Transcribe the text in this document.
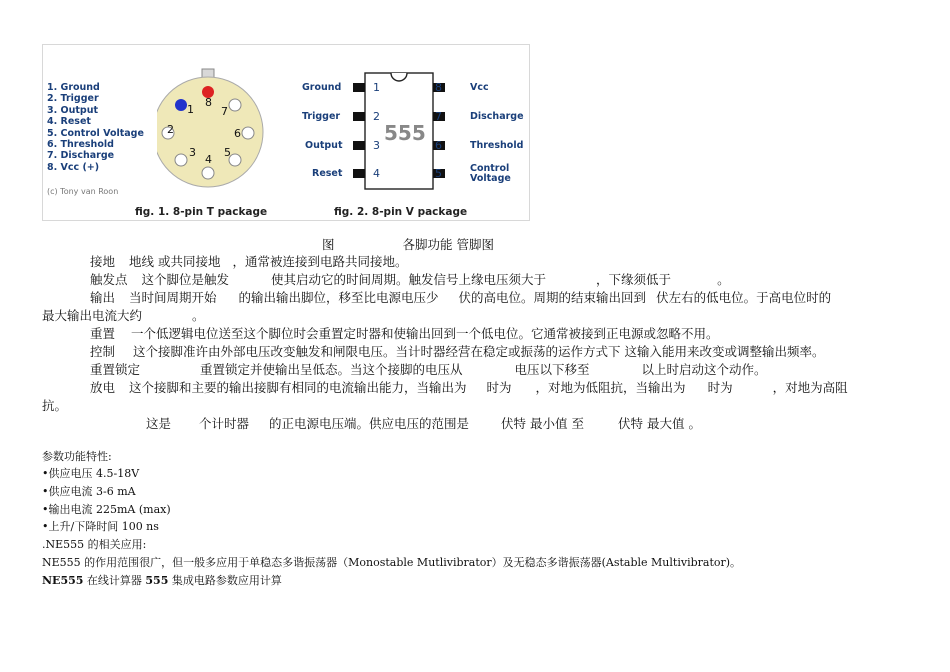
1. Ground
2. Trigger
3. Output
4. Reset
5. Control Voltage
6. Threshold
7. Discharge
8. Vcc (+)
(c) Tony van Roon
1
2
3
4
5
6
7
8
555
Ground
Trigger
Output
Reset
1
2
3
4
8
7
6
5
Vcc
Discharge
Threshold
Control
Voltage
fig. 1. 8-pin T package	fig. 2. 8-pin V package
图	各脚功能 管脚图
接地 地线 或共同接地 ，通常被连接到电路共同接地。
触发点 这个脚位是触发	使其启动它的时间周期。触发信号上缘电压须大于	，下缘须低于	。
输出 当时间周期开始 的输出输出脚位，移至比电源电压少 伏的高电位。周期的结束输出回到 伏左右的低电位。于高电位时的
最大输出电流大约	。
重置 一个低逻辑电位送至这个脚位时会重置定时器和使输出回到一个低电位。它通常被接到正电源或忽略不用。
控制 这个接脚准许由外部电压改变触发和闸限电压。当计时器经营在稳定或振荡的运作方式下 这输入能用来改变或调整输出频率。
重置锁定	重置锁定并使输出呈低态。当这个接脚的电压从	电压以下移至	以上时启动这个动作。
放电 这个接脚和主要的输出接脚有相同的电流输出能力，当输出为 时为 ，对地为低阻抗，当输出为 时为	，对地为高阻
抗。
这是 个计时器 的正电源电压端。供应电压的范围是	伏特 最小值 至	伏特 最大值 。
参数功能特性:
•供应电压 4.5-18V
•供应电流 3-6 mA
•输出电流 225mA (max)
•上升/下降时间 100 ns
.NE555 的相关应用:
NE555 的作用范围很广，但一般多应用于单稳态多谐振荡器（Monostable Mutlivibrator）及无稳态多谐振荡器(Astable Multivibrator)。
NE555 在线计算器 555 集成电路参数应用计算
